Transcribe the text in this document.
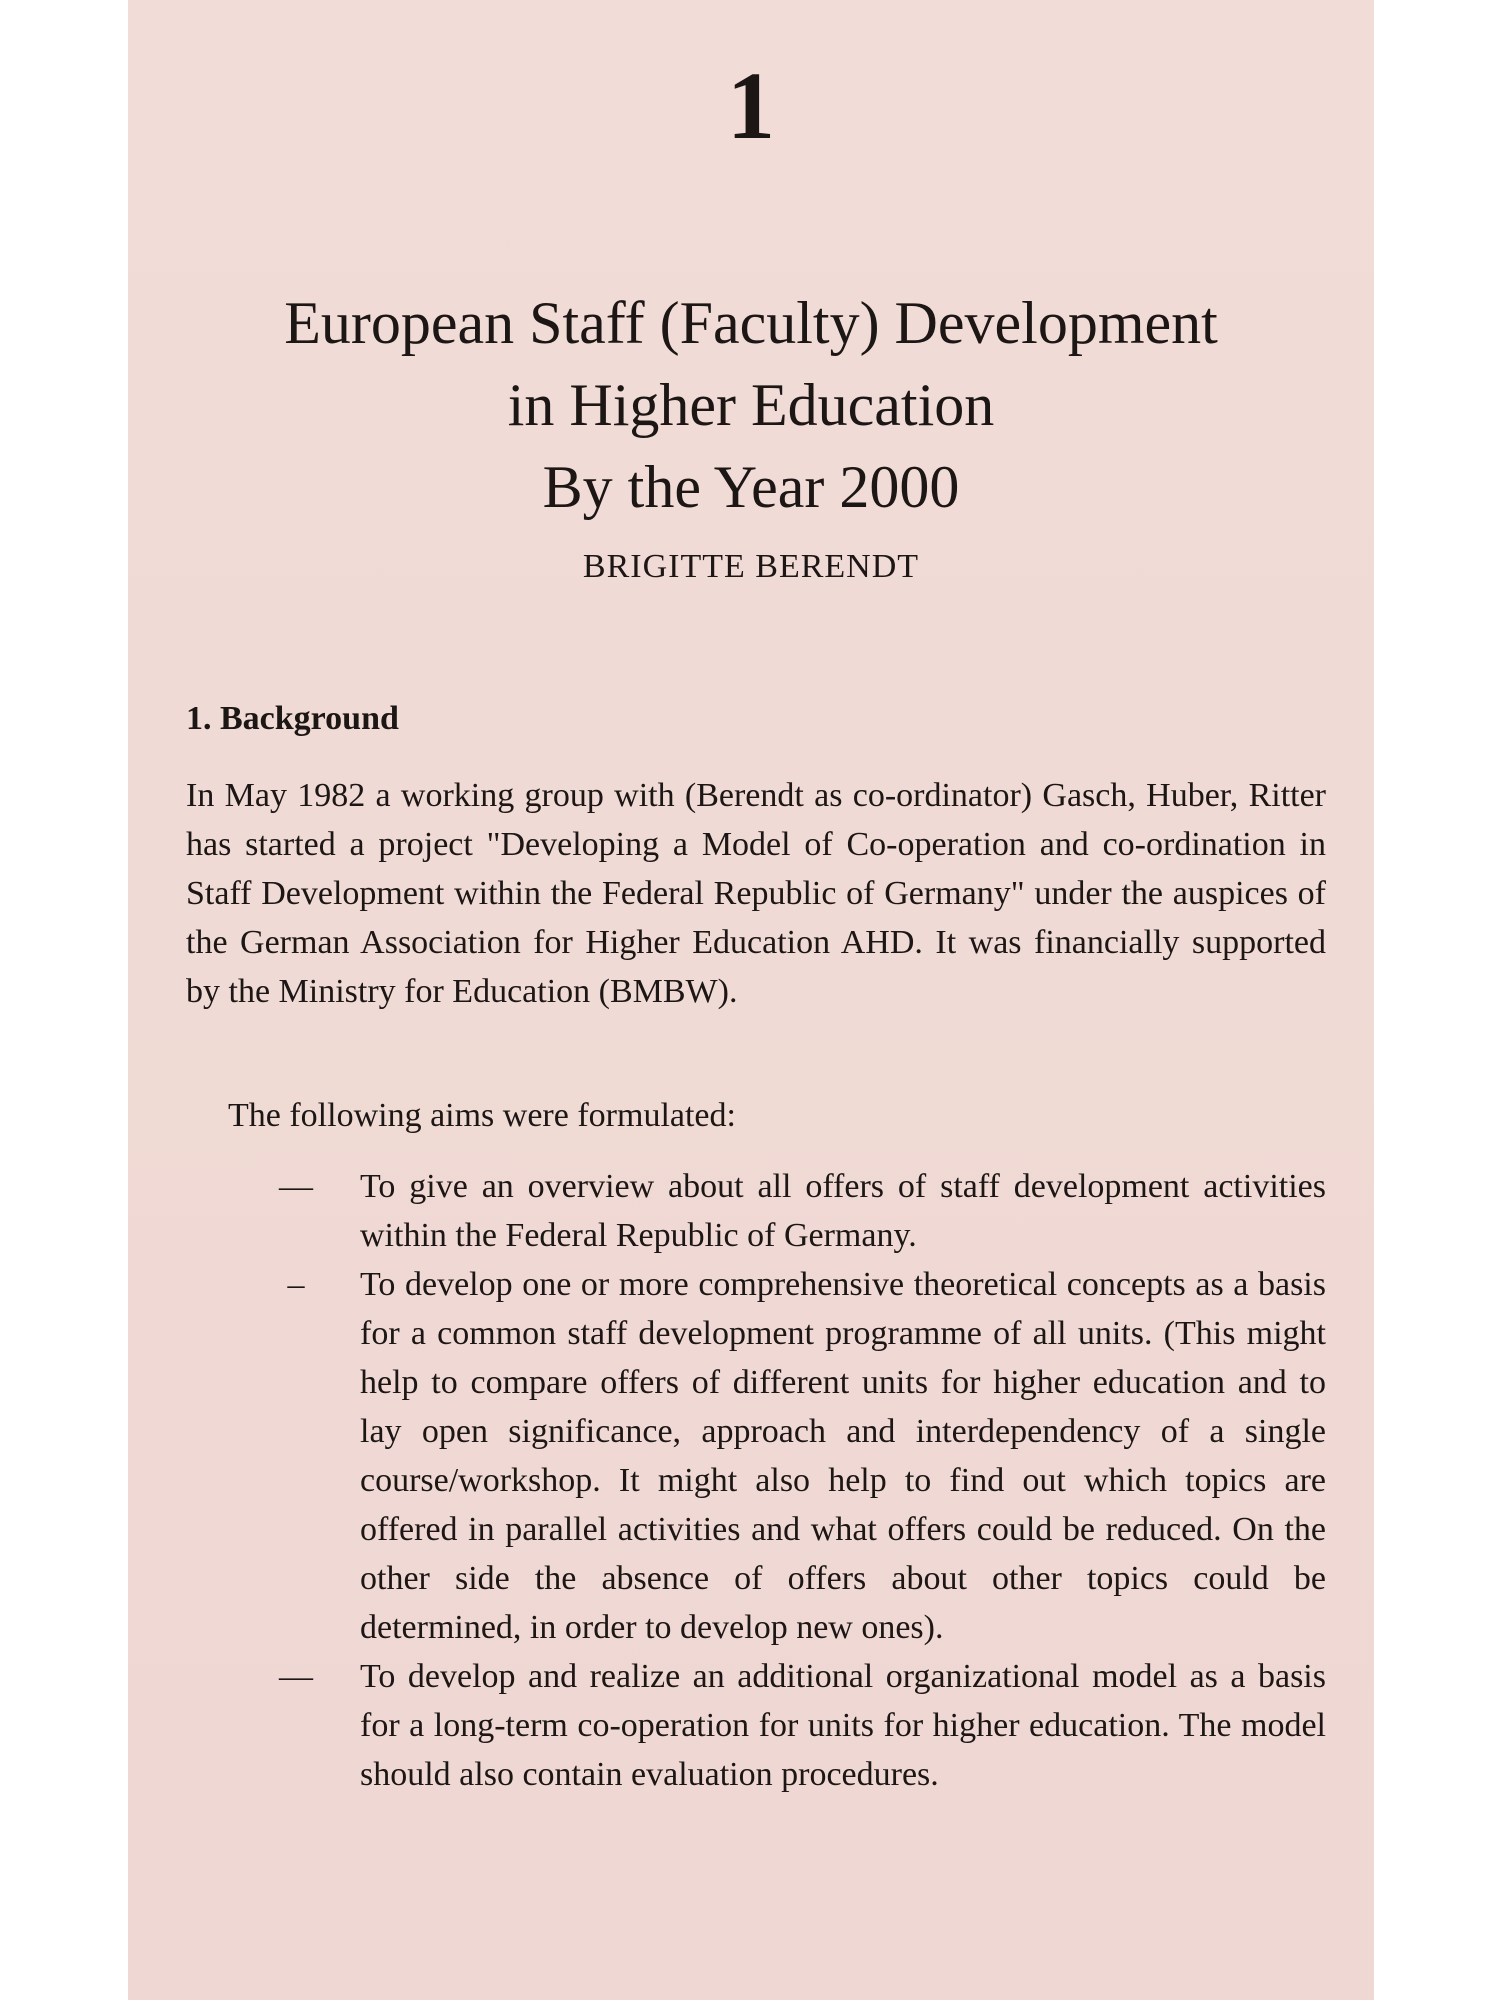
1
European Staff (Faculty) Development
in Higher Education
By the Year 2000
BRIGITTE BERENDT
1. Background

In May 1982 a working group with (Berendt as co-ordinator) Gasch, Huber, Ritter has started a project "Developing a Model of Co-operation and co-ordination in Staff Development within the Federal Republic of Germany" under the auspices of the German Association for Higher Education AHD. It was financially supported by the Ministry for Education (BMBW).

The following aims were formulated:

—	To give an overview about all offers of staff development activities within the Federal Republic of Germany.
–	To develop one or more comprehensive theoretical concepts as a basis for a common staff development programme of all units. (This might help to compare offers of different units for higher education and to lay open significance, approach and interdependency of a single course/workshop. It might also help to find out which topics are offered in parallel activities and what offers could be reduced. On the other side the absence of offers about other topics could be determined, in order to develop new ones).
—	To develop and realize an additional organizational model as a basis for a long-term co-operation for units for higher education. The model should also contain evaluation procedures.
